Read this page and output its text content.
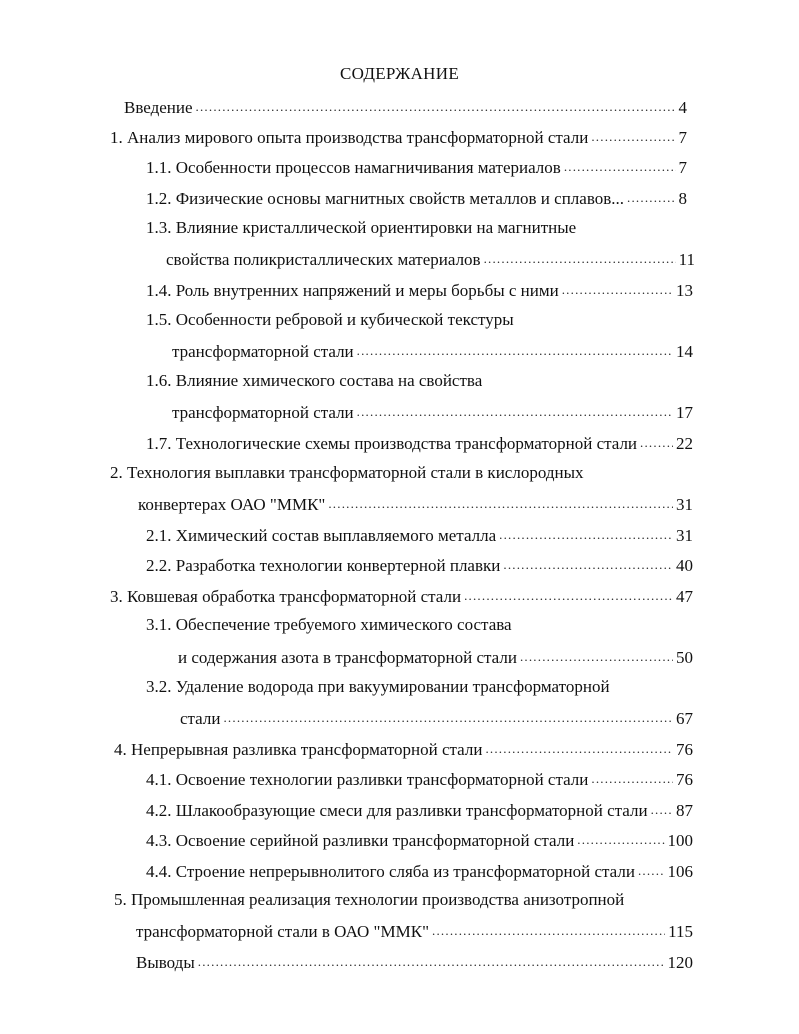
СОДЕРЖАНИЕ
Введение .....	4
1. Анализ мирового опыта производства трансформаторной стали .....	7
1.1. Особенности процессов намагничивания материалов .....	7
1.2. Физические основы магнитных свойств металлов и сплавов... .....	8
1.3. Влияние кристаллической ориентировки на магнитные
свойства поликристаллических материалов .....	11
1.4. Роль внутренних напряжений и меры борьбы с ними .....	13
1.5. Особенности ребровой и кубической текстуры
трансформаторной стали .....	14
1.6. Влияние химического состава на свойства
трансформаторной стали .....	17
1.7. Технологические схемы производства трансформаторной стали ..... 22
2. Технология выплавки трансформаторной стали в кислородных
конвертерах ОАО "ММК" .....	31
2.1. Химический состав выплавляемого металла .....	31
2.2. Разработка технологии конвертерной плавки .....	40
3. Ковшевая обработка трансформаторной стали .....	47
3.1. Обеспечение требуемого химического состава
и содержания азота в трансформаторной стали .....	50
3.2. Удаление водорода при вакуумировании трансформаторной
стали .....	67
4. Непрерывная разливка трансформаторной стали .....	76
4.1. Освоение технологии разливки трансформаторной стали .....	76
4.2. Шлакообразующие смеси для разливки трансформаторной стали ..... 87
4.3. Освоение серийной разливки трансформаторной стали .....	100
4.4. Строение непрерывнолитого сляба из трансформаторной стали ..... 106
5. Промышленная реализация технологии производства анизотропной
трансформаторной стали в ОАО "ММК" .....	115
Выводы .....	120
